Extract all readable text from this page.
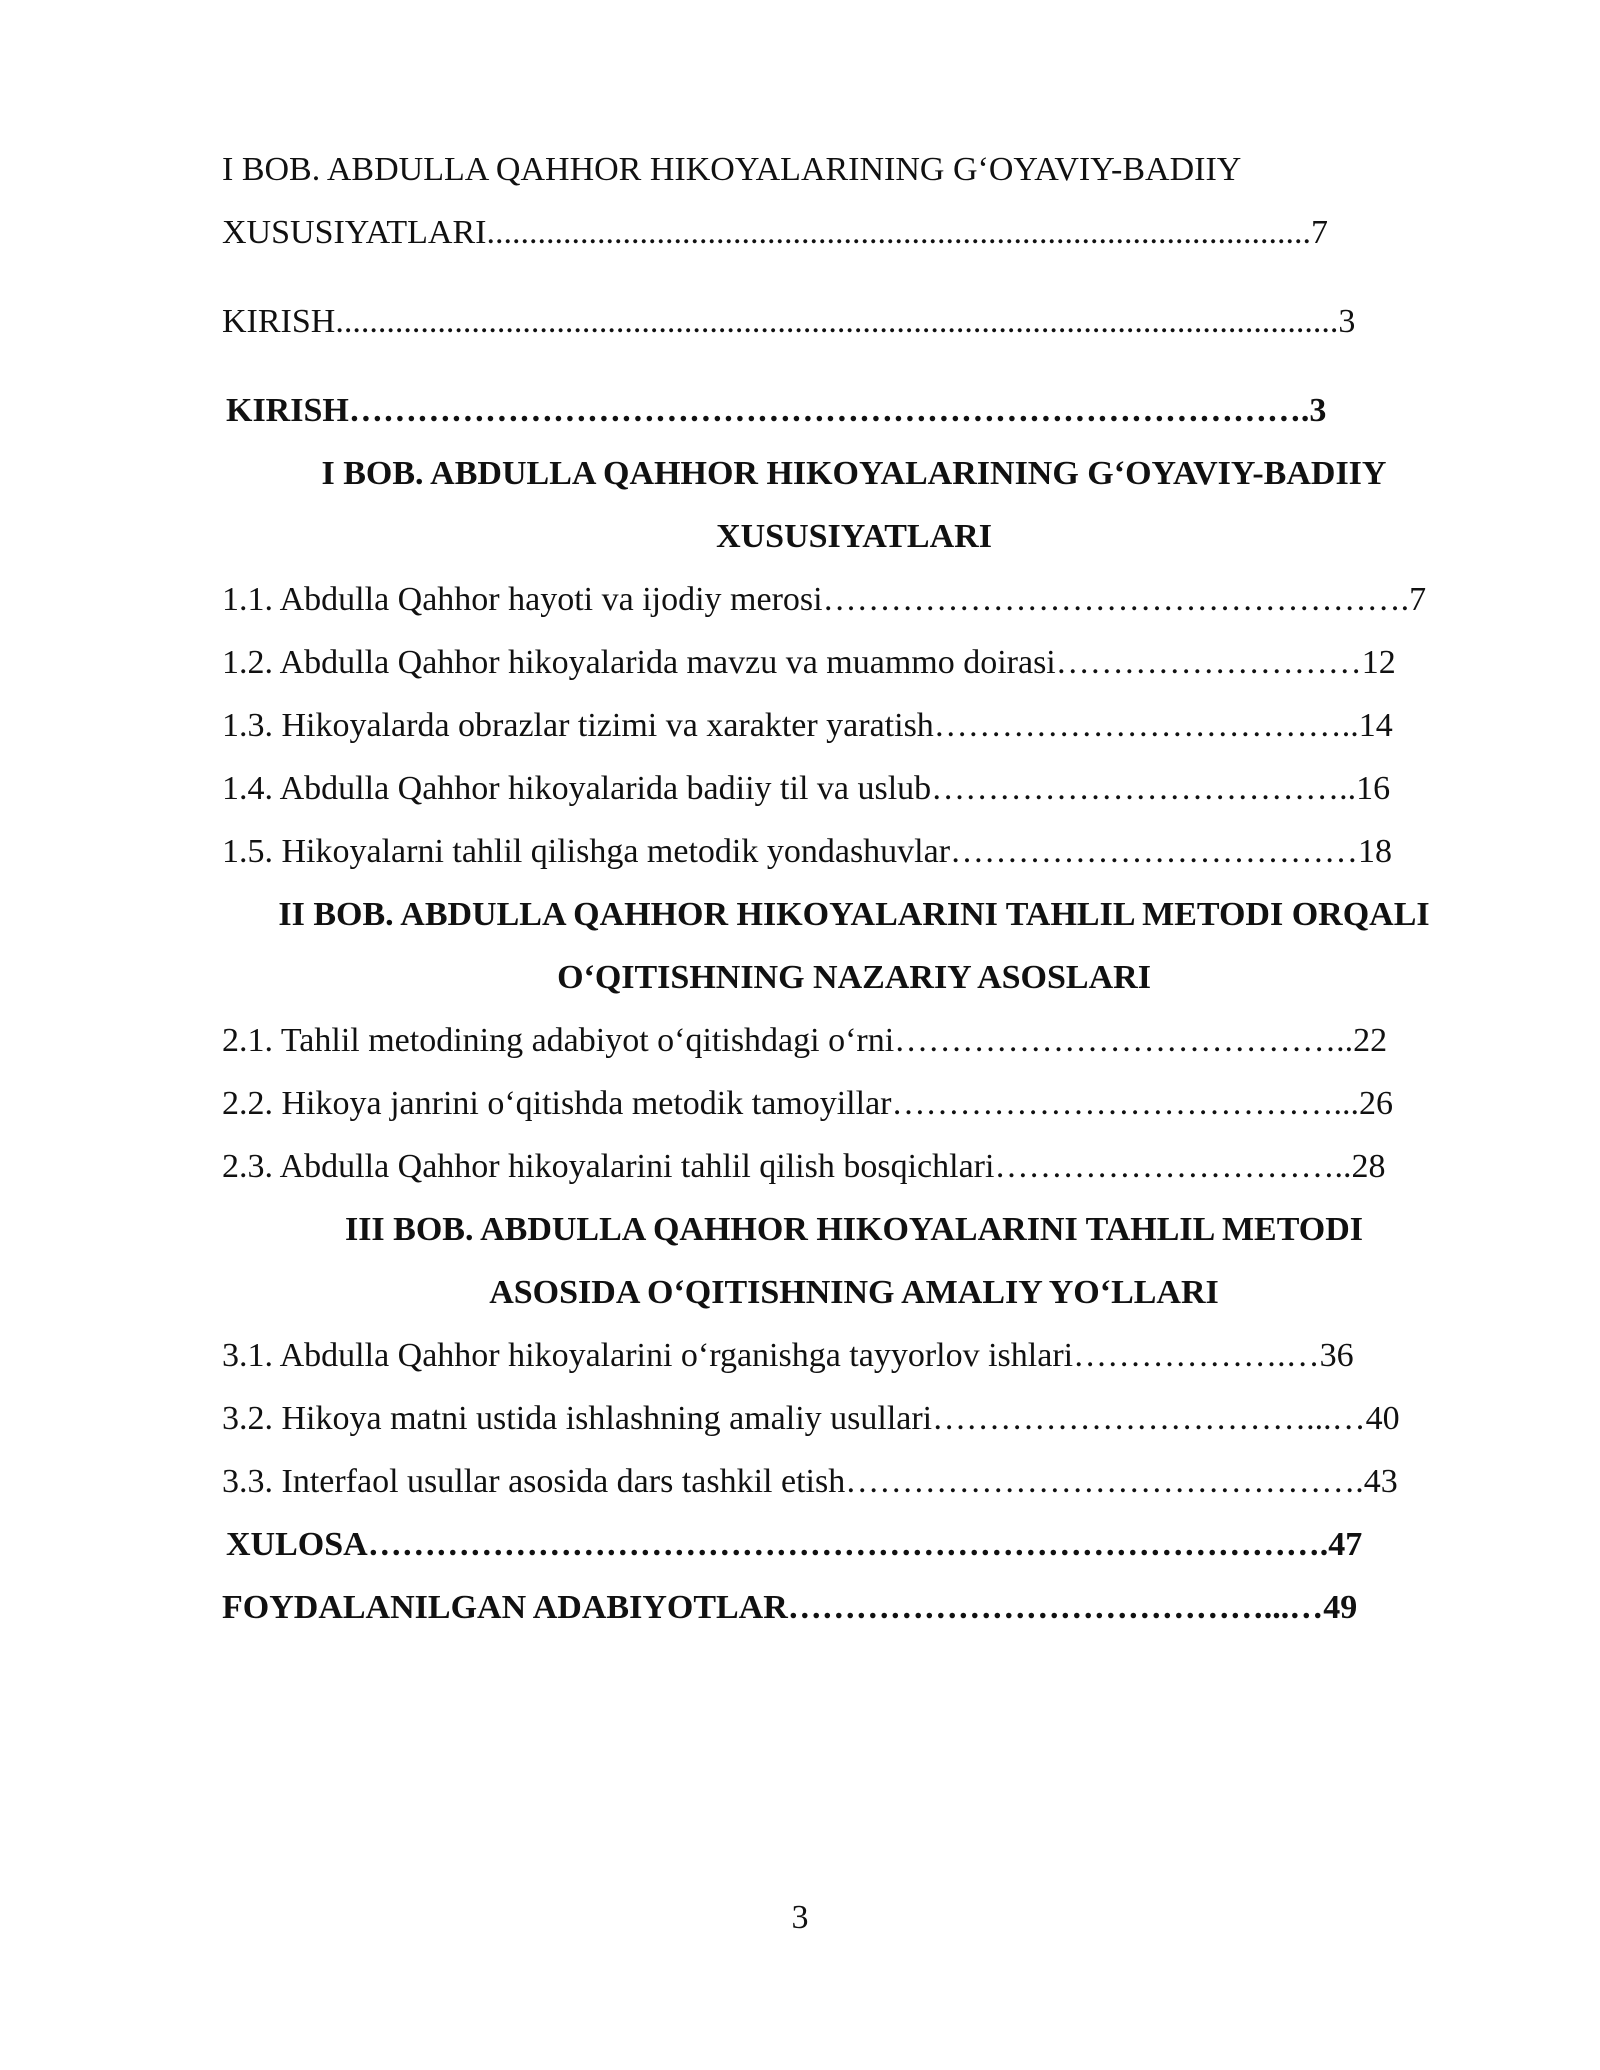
I BOB. ABDULLA QAHHOR HIKOYALARINING G‘OYAVIY-BADIIY
XUSUSIYATLARI.................................................................................................7
KIRISH......................................................................................................................3
KIRISH………………………………………………………………………….3
I BOB. ABDULLA QAHHOR HIKOYALARINING G‘OYAVIY-BADIIY
XUSUSIYATLARI
1.1. Abdulla Qahhor hayoti va ijodiy merosi…………………………………………….7
1.2. Abdulla Qahhor hikoyalarida mavzu va muammo doirasi………………………12
1.3. Hikoyalarda obrazlar tizimi va xarakter yaratish………………………………..14
1.4. Abdulla Qahhor hikoyalarida badiiy til va uslub………………………………..16
1.5. Hikoyalarni tahlil qilishga metodik yondashuvlar………………………………18
II BOB. ABDULLA QAHHOR HIKOYALARINI TAHLIL METODI ORQALI
O‘QITISHNING NAZARIY ASOSLARI
2.1. Tahlil metodining adabiyot o‘qitishdagi o‘rni…………………………………..22
2.2. Hikoya janrini o‘qitishda metodik tamoyillar…………………………………...26
2.3. Abdulla Qahhor hikoyalarini tahlil qilish bosqichlari…………………………..28
III BOB. ABDULLA QAHHOR HIKOYALARINI TAHLIL METODI
ASOSIDA O‘QITISHNING AMALIY YO‘LLARI
3.1. Abdulla Qahhor hikoyalarini o‘rganishga tayyorlov ishlari……………….…36
3.2. Hikoya matni ustida ishlashning amaliy usullari……………………………...…40
3.3. Interfaol usullar asosida dars tashkil etish……………………………………….43
XULOSA………………………………………………………………………….47
FOYDALANILGAN ADABIYOTLAR……………………………………...…49
3
